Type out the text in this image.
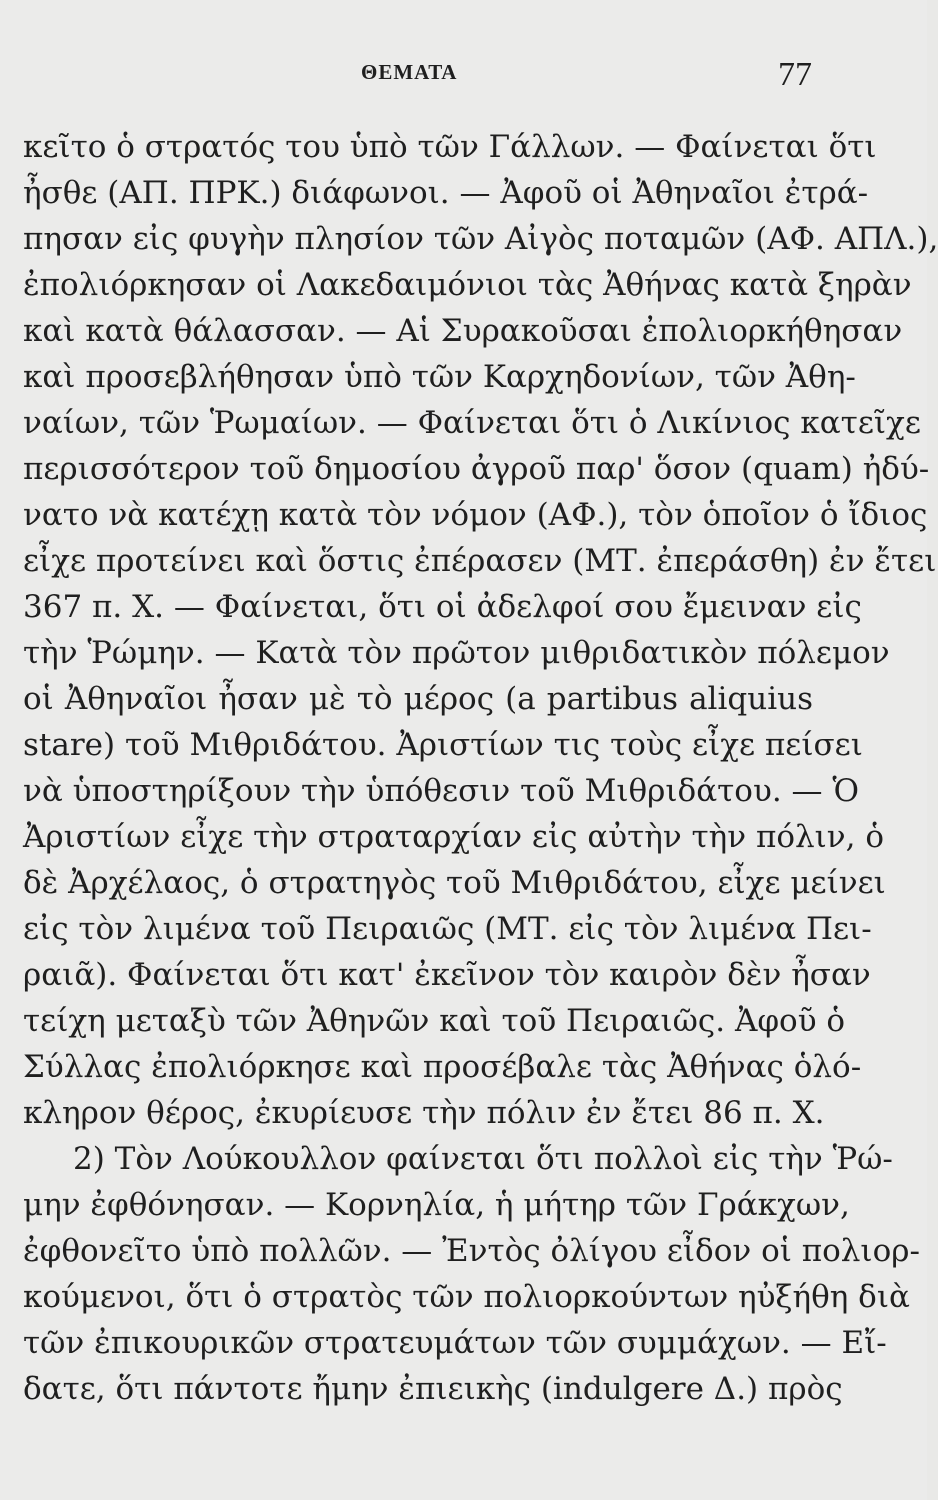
ΘΕΜΑΤΑ	77
κεῖτο ὁ στρατός του ὑπὸ τῶν Γάλλων. — Φαίνεται ὅτι
ἦσθε (ΑΠ. ΠΡΚ.) διάφωνοι. — Ἀφοῦ οἱ Ἀθηναῖοι ἐτρά-
πησαν εἰς φυγὴν πλησίον τῶν Αἰγὸς ποταμῶν (ΑΦ. ΑΠΛ.),
ἐπολιόρκησαν οἱ Λακεδαιμόνιοι τὰς Ἀθήνας κατὰ ξηρὰν
καὶ κατὰ θάλασσαν. — Αἱ Συρακοῦσαι ἐπολιορκήθησαν
καὶ προσεβλήθησαν ὑπὸ τῶν Καρχηδονίων, τῶν Ἀθη-
ναίων, τῶν Ῥωμαίων. — Φαίνεται ὅτι ὁ Λικίνιος κατεῖχε
περισσότερον τοῦ δημοσίου ἀγροῦ παρ' ὅσον (quam) ἠδύ-
νατο νὰ κατέχῃ κατὰ τὸν νόμον (ΑΦ.), τὸν ὁποῖον ὁ ἴδιος
εἶχε προτείνει καὶ ὅστις ἐπέρασεν (ΜΤ. ἐπεράσθη) ἐν ἔτει
367 π. Χ. — Φαίνεται, ὅτι οἱ ἀδελφοί σου ἔμειναν εἰς
τὴν Ῥώμην. — Κατὰ τὸν πρῶτον μιθριδατικὸν πόλεμον
οἱ Ἀθηναῖοι ἦσαν μὲ τὸ μέρος (a partibus aliquius
stare) τοῦ Μιθριδάτου. Ἀριστίων τις τοὺς εἶχε πείσει
νὰ ὑποστηρίξουν τὴν ὑπόθεσιν τοῦ Μιθριδάτου. — Ὁ
Ἀριστίων εἶχε τὴν στραταρχίαν εἰς αὐτὴν τὴν πόλιν, ὁ
δὲ Ἀρχέλαος, ὁ στρατηγὸς τοῦ Μιθριδάτου, εἶχε μείνει
εἰς τὸν λιμένα τοῦ Πειραιῶς (ΜΤ. εἰς τὸν λιμένα Πει-
ραιᾶ). Φαίνεται ὅτι κατ' ἐκεῖνον τὸν καιρὸν δὲν ἦσαν
τείχη μεταξὺ τῶν Ἀθηνῶν καὶ τοῦ Πειραιῶς. Ἀφοῦ ὁ
Σύλλας ἐπολιόρκησε καὶ προσέβαλε τὰς Ἀθήνας ὁλό-
κληρον θέρος, ἐκυρίευσε τὴν πόλιν ἐν ἔτει 86 π. Χ.
2) Τὸν Λούκουλλον φαίνεται ὅτι πολλοὶ εἰς τὴν Ῥώ-
μην ἐφθόνησαν. — Κορνηλία, ἡ μήτηρ τῶν Γράκχων,
ἐφθονεῖτο ὑπὸ πολλῶν. — Ἐντὸς ὀλίγου εἶδον οἱ πολιορ-
κούμενοι, ὅτι ὁ στρατὸς τῶν πολιορκούντων ηὐξήθη διὰ
τῶν ἐπικουρικῶν στρατευμάτων τῶν συμμάχων. — Εἴ-
δατε, ὅτι πάντοτε ἤμην ἐπιεικὴς (indulgere Δ.) πρὸς
